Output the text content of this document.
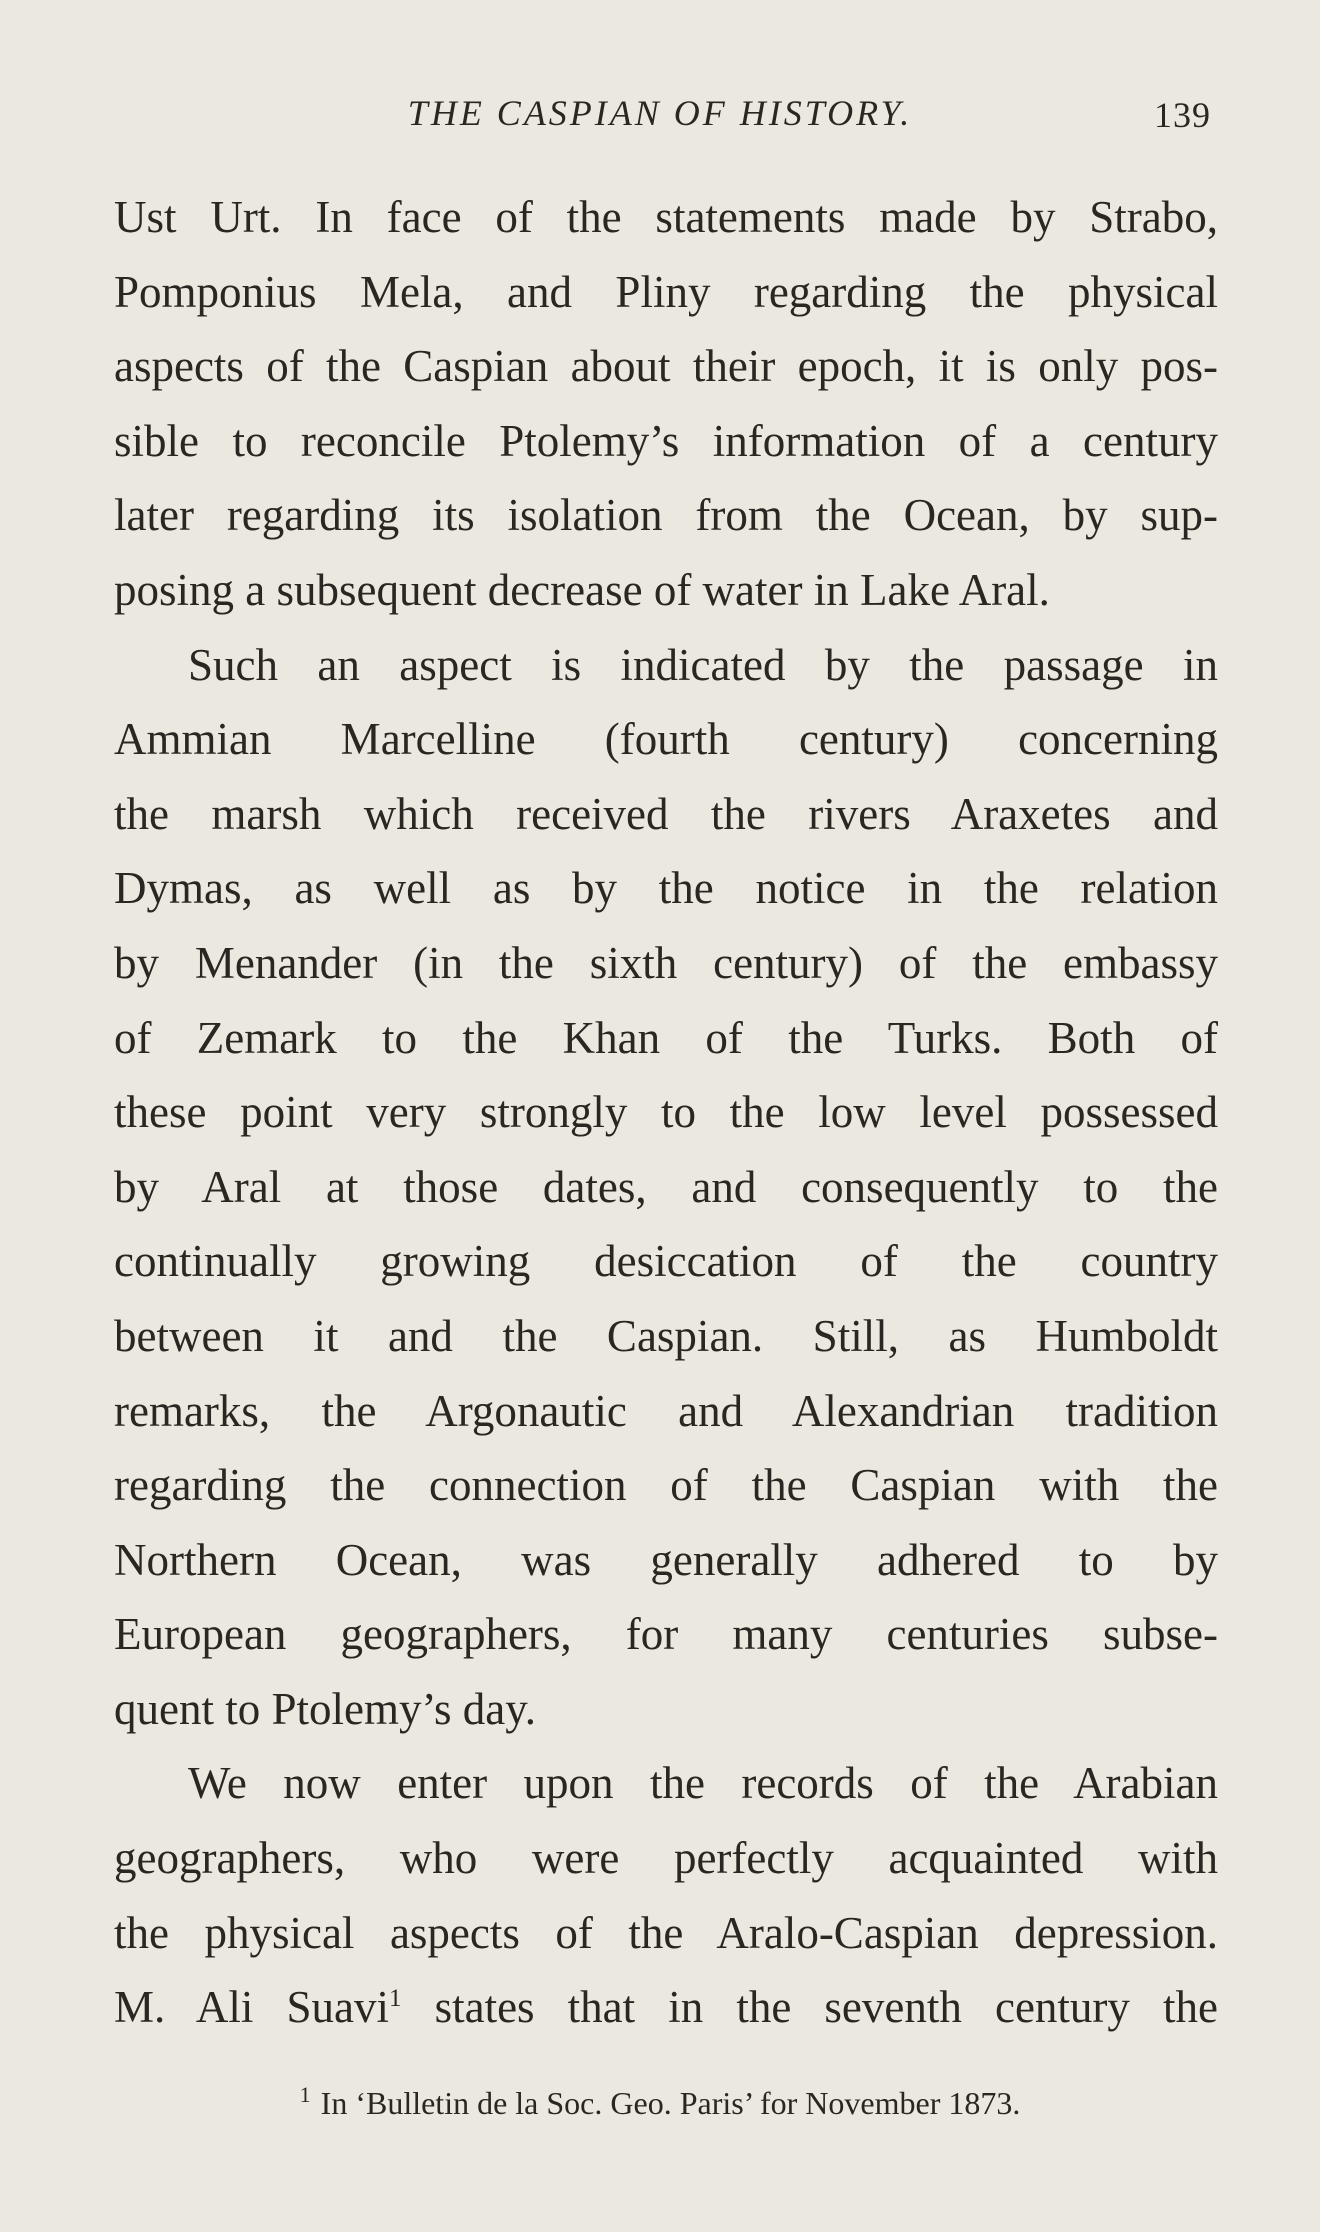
THE CASPIAN OF HISTORY.	139
Ust Urt. In face of the statements made by Strabo,
Pomponius Mela, and Pliny regarding the physical
aspects of the Caspian about their epoch, it is only pos-
sible to reconcile Ptolemy’s information of a century
later regarding its isolation from the Ocean, by sup-
posing a subsequent decrease of water in Lake Aral.
Such an aspect is indicated by the passage in
Ammian Marcelline (fourth century) concerning
the marsh which received the rivers Araxetes and
Dymas, as well as by the notice in the relation
by Menander (in the sixth century) of the embassy
of Zemark to the Khan of the Turks. Both of
these point very strongly to the low level possessed
by Aral at those dates, and consequently to the
continually growing desiccation of the country
between it and the Caspian. Still, as Humboldt
remarks, the Argonautic and Alexandrian tradition
regarding the connection of the Caspian with the
Northern Ocean, was generally adhered to by
European geographers, for many centuries subse-
quent to Ptolemy’s day.
We now enter upon the records of the Arabian
geographers, who were perfectly acquainted with
the physical aspects of the Aralo-Caspian depression.
M. Ali Suavi$^1$ states that in the seventh century the
$^1$ In ‘Bulletin de la Soc. Geo. Paris’ for November 1873.
